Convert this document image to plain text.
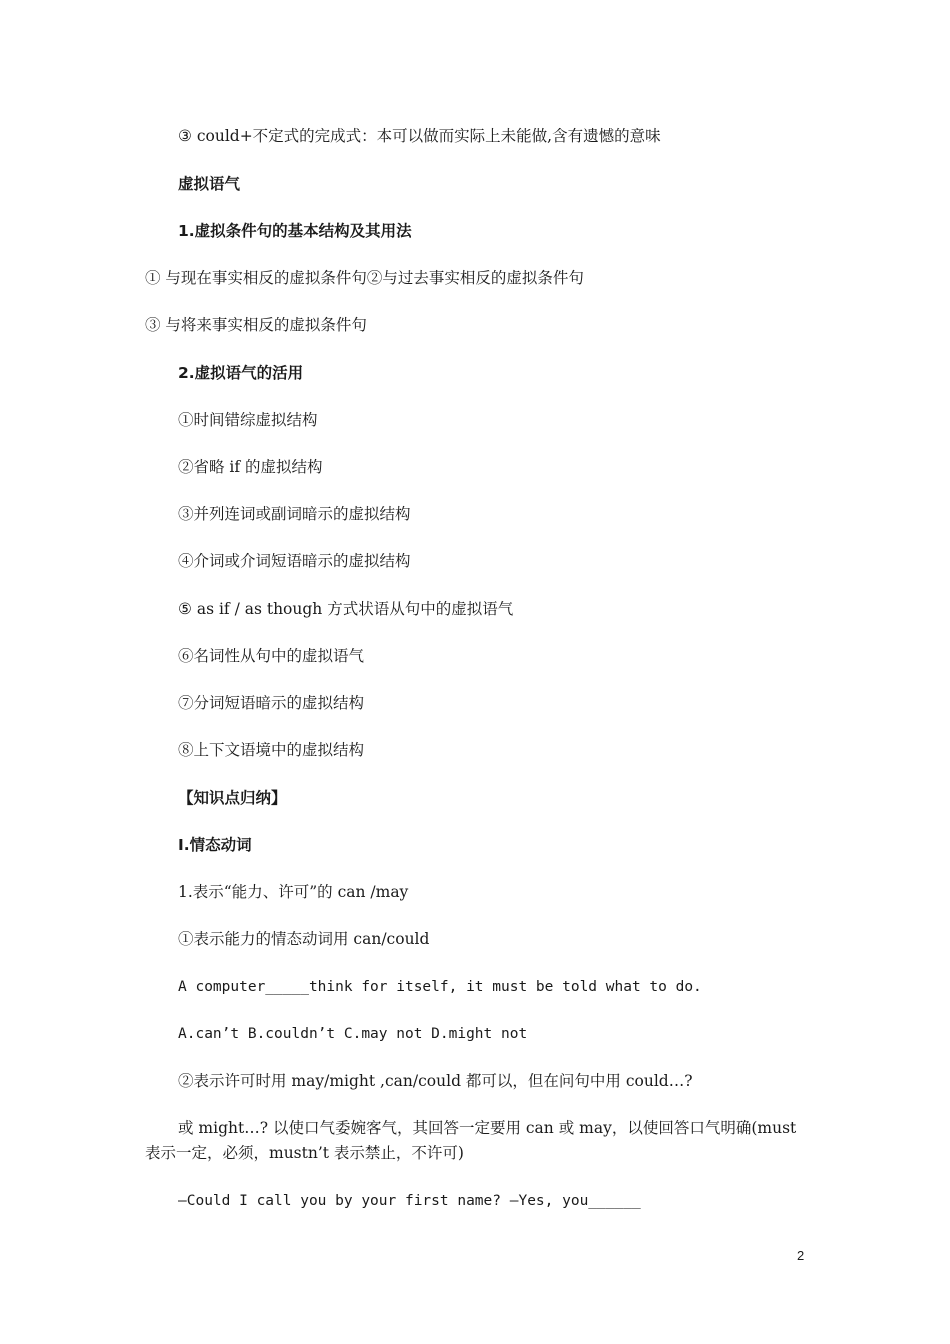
③ could+不定式的完成式：本可以做而实际上未能做,含有遗憾的意味
虚拟语气
1.虚拟条件句的基本结构及其用法
① 与现在事实相反的虚拟条件句②与过去事实相反的虚拟条件句
③ 与将来事实相反的虚拟条件句
2.虚拟语气的活用
①时间错综虚拟结构
②省略 if 的虚拟结构
③并列连词或副词暗示的虚拟结构
④介词或介词短语暗示的虚拟结构
⑤ as if / as though 方式状语从句中的虚拟语气
⑥名词性从句中的虚拟语气
⑦分词短语暗示的虚拟结构
⑧上下文语境中的虚拟结构
【知识点归纳】
I.情态动词
1.表示“能力、许可”的 can /may
①表示能力的情态动词用 can/could
A computer_____think for itself, it must be told what to do.
A.can’t B.couldn’t C.may not D.might not
②表示许可时用 may/might ,can/could 都可以，但在问句中用 could…?
或 might…? 以使口气委婉客气，其回答一定要用 can 或 may，以使回答口气明确(must 表示一定，必须，mustn’t 表示禁止，不许可)
—Could I call you by your first name? —Yes, you______
2
